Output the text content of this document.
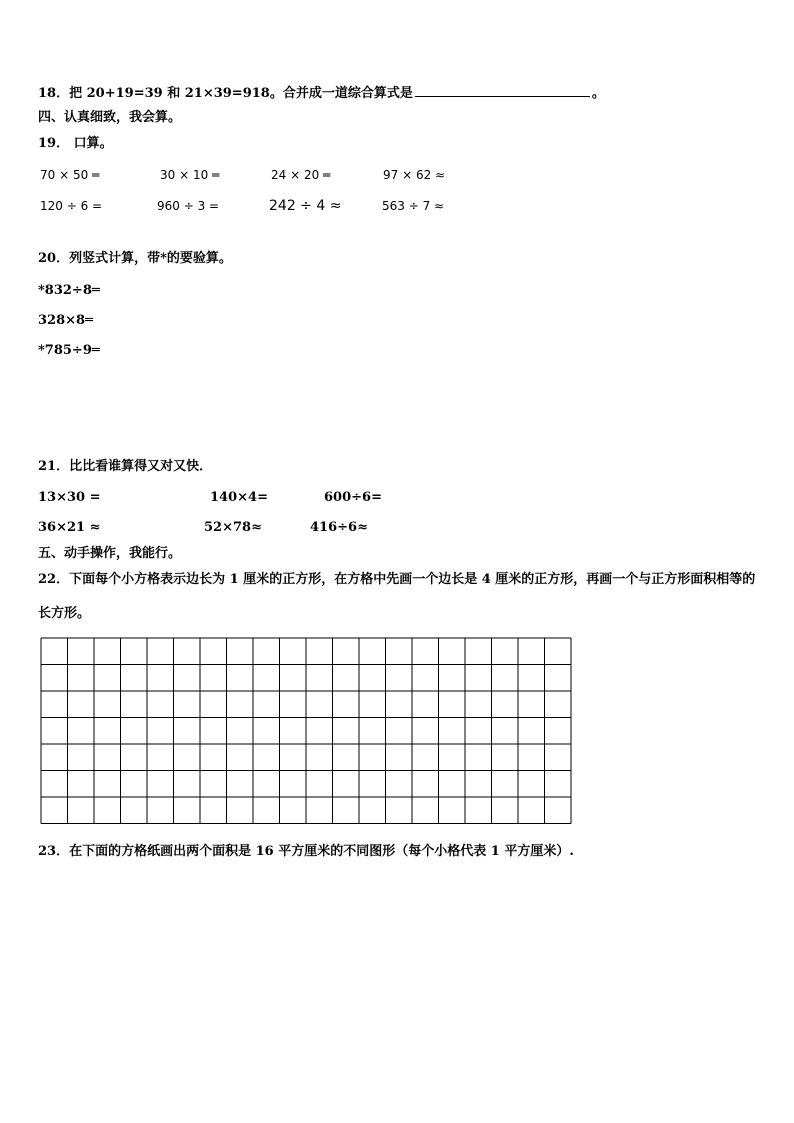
18．把 20+19=39 和 21×39=918。合并成一道综合算式是	。
四、认真细致，我会算。
19． 口算。
70 × 50 ═	30 × 10 ═	24 × 20 ═	97 × 62 ≈
120 ÷ 6 =	960 ÷ 3 =	242 ÷ 4 ≈	563 ÷ 7 ≈
20．列竖式计算，带*的要验算。
*832÷8═
328×8═
*785÷9═
21．比比看谁算得又对又快．
13×30 =	140×4=	600÷6=
36×21 ≈	52×78≈	416÷6≈
五、动手操作，我能行。
22．下面每个小方格表示边长为 1 厘米的正方形，在方格中先画一个边长是 4 厘米的正方形，再画一个与正方形面积相等的长方形。
23．在下面的方格纸画出两个面积是 16 平方厘米的不同图形（每个小格代表 1 平方厘米）.
